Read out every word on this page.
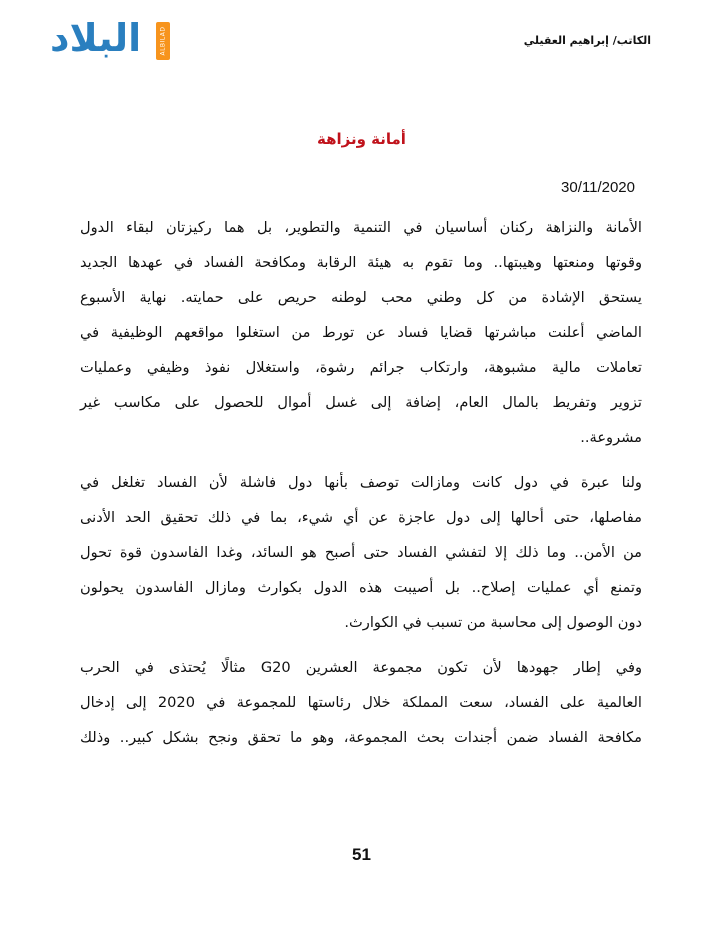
البلاد	ALBILAD	الكاتب/ إبراهيم العقيلي
أمانة ونزاهة
30/11/2020

الأمانة والنزاهة ركنان أساسيان في التنمية والتطوير، بل هما ركيزتان لبقاء الدول
وقوتها ومنعتها وهيبتها.. وما تقوم به هيئة الرقابة ومكافحة الفساد في عهدها الجديد
يستحق الإشادة من كل وطني محب لوطنه حريص على حمايته. نهاية الأسبوع
الماضي أعلنت مباشرتها قضايا فساد عن تورط من استغلوا مواقعهم الوظيفية في
تعاملات مالية مشبوهة، وارتكاب جرائم رشوة، واستغلال نفوذ وظيفي وعمليات
تزوير وتفريط بالمال العام، إضافة إلى غسل أموال للحصول على مكاسب غير
مشروعة..

ولنا عبرة في دول كانت ومازالت توصف بأنها دول فاشلة لأن الفساد تغلغل في
مفاصلها، حتى أحالها إلى دول عاجزة عن أي شيء، بما في ذلك تحقيق الحد الأدنى
من الأمن.. وما ذلك إلا لتفشي الفساد حتى أصبح هو السائد، وغدا الفاسدون قوة تحول
وتمنع أي عمليات إصلاح.. بل أصيبت هذه الدول بكوارث ومازال الفاسدون يحولون
دون الوصول إلى محاسبة من تسبب في الكوارث.

وفي إطار جهودها لأن تكون مجموعة العشرين G20 مثالًا يُحتذى في الحرب
العالمية على الفساد، سعت المملكة خلال رئاستها للمجموعة في 2020 إلى إدخال
مكافحة الفساد ضمن أجندات بحث المجموعة، وهو ما تحقق ونجح بشكل كبير.. وذلك

51
